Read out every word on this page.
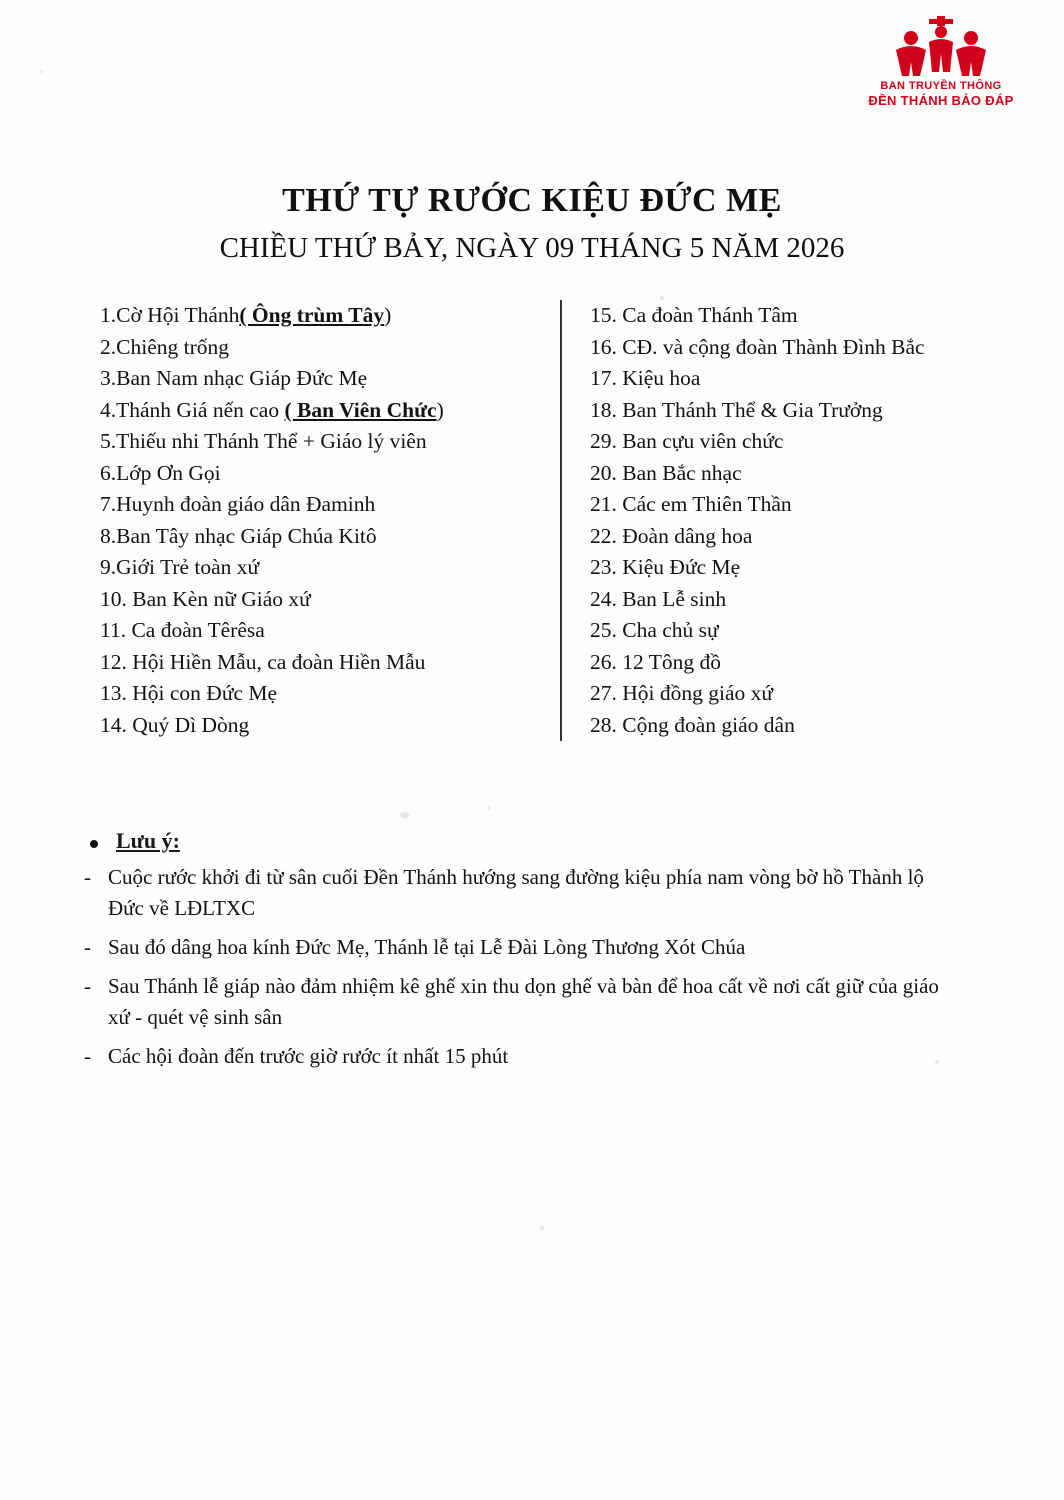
BAN TRUYỀN THÔNG
ĐỀN THÁNH BẢO ĐÁP
THỨ TỰ RƯỚC KIỆU ĐỨC MẸ
CHIỀU THỨ BẢY, NGÀY 09 THÁNG 5 NĂM 2026
1.Cờ Hội Thánh( Ông trùm Tây)
2.Chiêng trống
3.Ban Nam nhạc Giáp Đức Mẹ
4.Thánh Giá nến cao ( Ban Viên Chức)
5.Thiếu nhi Thánh Thể + Giáo lý viên
6.Lớp Ơn Gọi
7.Huynh đoàn giáo dân Đaminh
8.Ban Tây nhạc Giáp Chúa Kitô
9.Giới Trẻ toàn xứ
10. Ban Kèn nữ Giáo xứ
11. Ca đoàn Têrêsa
12. Hội Hiền Mẫu, ca đoàn Hiền Mẫu
13. Hội con Đức Mẹ
14. Quý Dì Dòng
15. Ca đoàn Thánh Tâm
16. CĐ. và cộng đoàn Thành Đình Bắc
17. Kiệu hoa
18. Ban Thánh Thể & Gia Trưởng
29. Ban cựu viên chức
20. Ban Bắc nhạc
21. Các em Thiên Thần
22. Đoàn dâng hoa
23. Kiệu Đức Mẹ
24. Ban Lễ sinh
25. Cha chủ sự
26. 12 Tông đồ
27. Hội đồng giáo xứ
28. Cộng đoàn giáo dân
Lưu ý:
- Cuộc rước khởi đi từ sân cuối Đền Thánh hướng sang đường kiệu phía nam vòng bờ hồ Thành lộ Đức về LĐLTXC
- Sau đó dâng hoa kính Đức Mẹ, Thánh lễ tại Lễ Đài Lòng Thương Xót Chúa
- Sau Thánh lễ giáp nào đảm nhiệm kê ghế xin thu dọn ghế và bàn để hoa cất về nơi cất giữ của giáo xứ - quét vệ sinh sân
- Các hội đoàn đến trước giờ rước ít nhất 15 phút
